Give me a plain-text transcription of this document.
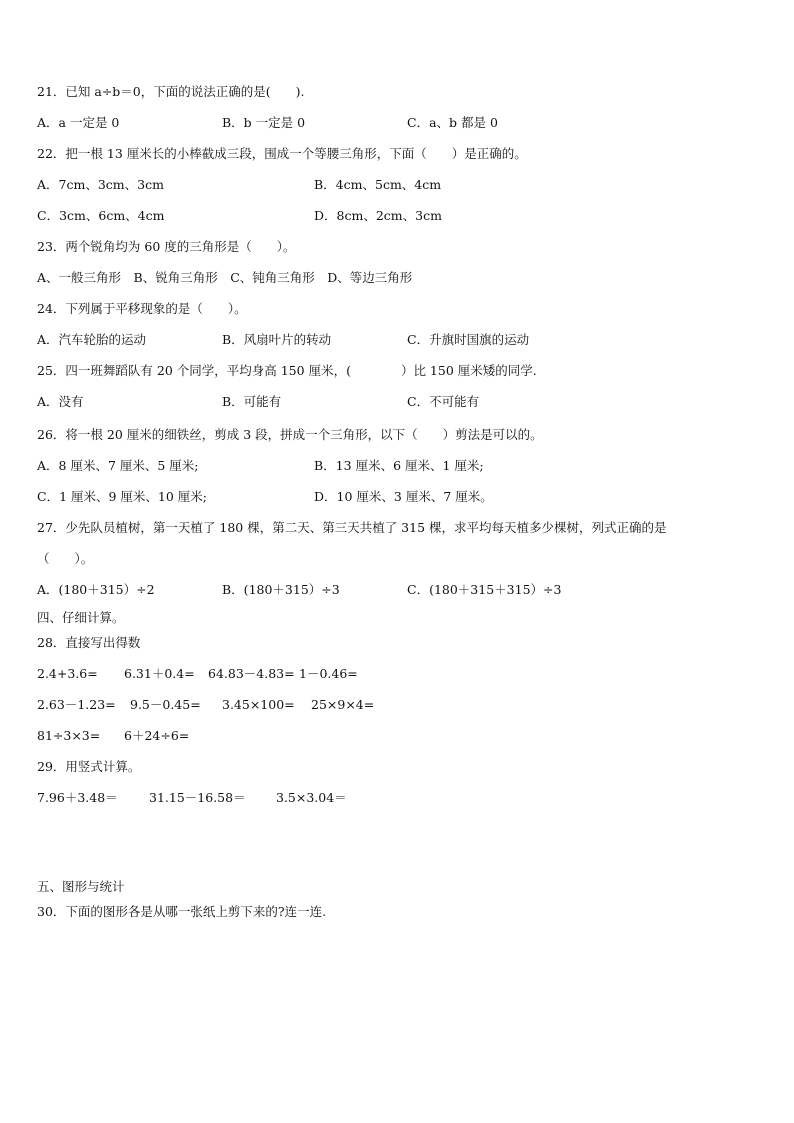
21．已知 a÷b＝0，下面的说法正确的是(　　).
A．a 一定是 0	B．b 一定是 0	C．a、b 都是 0
22．把一根 13 厘米长的小棒截成三段，围成一个等腰三角形，下面（　　）是正确的。
A．7cm、3cm、3cm	B．4cm、5cm、4cm
C．3cm、6cm、4cm	D．8cm、2cm、3cm
23．两个锐角均为 60 度的三角形是（　　）。
A、一般三角形　B、锐角三角形　C、钝角三角形　D、等边三角形
24．下列属于平移现象的是（　　）。
A．汽车轮胎的运动	B．风扇叶片的转动	C．升旗时国旗的运动
25．四一班舞蹈队有 20 个同学，平均身高 150 厘米，(　　　　）比 150 厘米矮的同学.
A．没有	B．可能有	C．不可能有
26．将一根 20 厘米的细铁丝，剪成 3 段，拼成一个三角形，以下（　　）剪法是可以的。
A．8 厘米、7 厘米、5 厘米;	B．13 厘米、6 厘米、1 厘米;
C．1 厘米、9 厘米、10 厘米;	D．10 厘米、3 厘米、7 厘米。
27．少先队员植树，第一天植了 180 棵，第二天、第三天共植了 315 棵，求平均每天植多少棵树，列式正确的是
（　　）。
A．(180＋315）÷2	B．(180＋315）÷3	C．(180＋315＋315）÷3
四、仔细计算。
28．直接写出得数
2.4+3.6= 6.31＋0.4= 64.83－4.83= 1－0.46=
2.63－1.23= 9.5－0.45= 3.45×100= 25×9×4=
81÷3×3= 6＋24÷6=
29．用竖式计算。
7.96＋3.48＝	31.15－16.58＝ 3.5×3.04＝
五、图形与统计
30．下面的图形各是从哪一张纸上剪下来的?连一连.
